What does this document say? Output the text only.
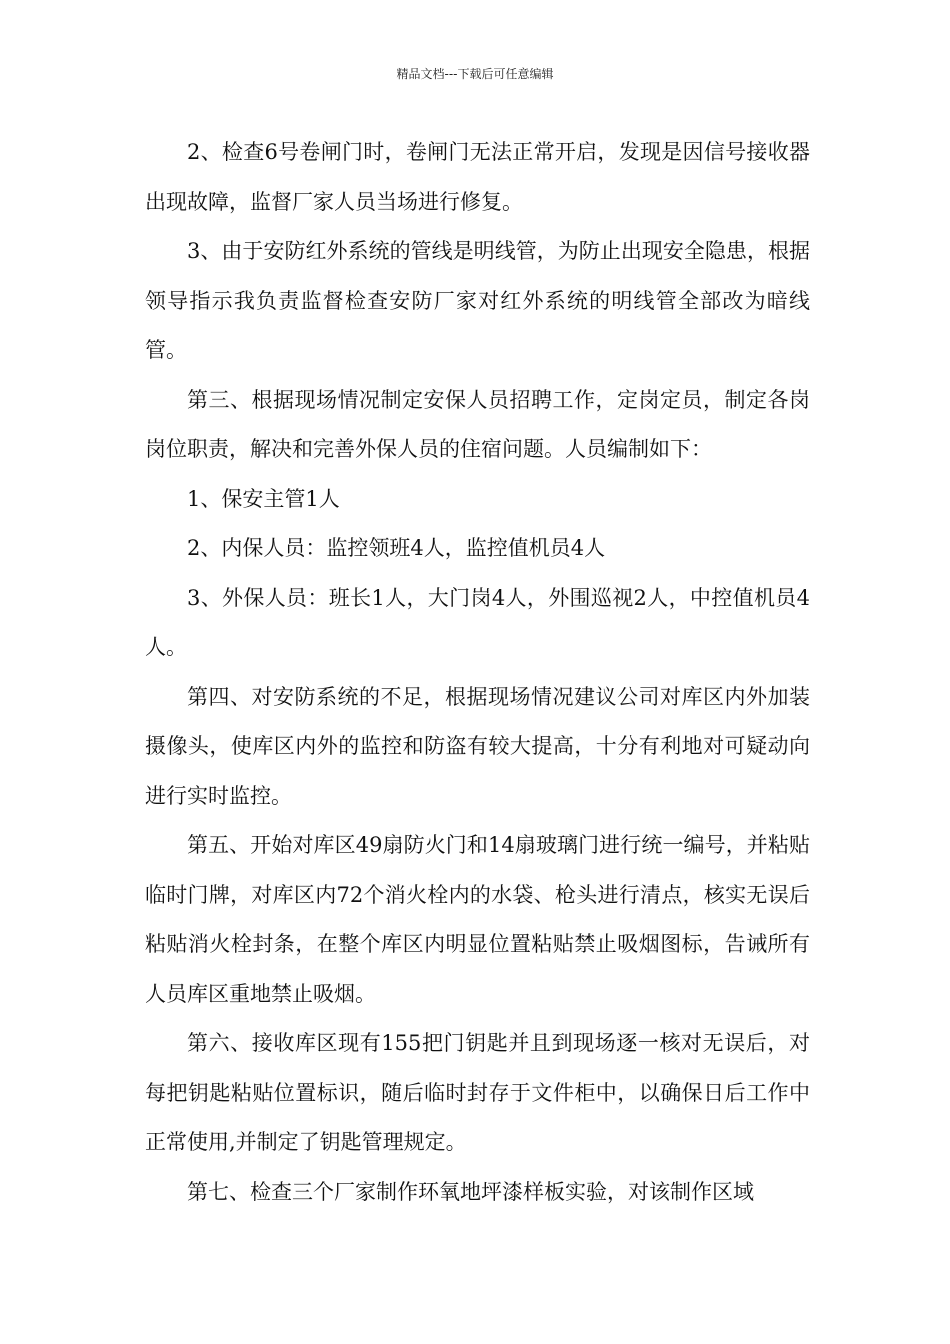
精品文档---下载后可任意编辑

2、检查6号卷闸门时，卷闸门无法正常开启，发现是因信号接收器出现故障，监督厂家人员当场进行修复。

3、由于安防红外系统的管线是明线管，为防止出现安全隐患，根据领导指示我负责监督检查安防厂家对红外系统的明线管全部改为暗线管。

第三、根据现场情况制定安保人员招聘工作，定岗定员，制定各岗岗位职责，解决和完善外保人员的住宿问题。人员编制如下：

1、保安主管1人

2、内保人员：监控领班4人，监控值机员4人

3、外保人员：班长1人，大门岗4人，外围巡视2人，中控值机员4人。

第四、对安防系统的不足，根据现场情况建议公司对库区内外加装摄像头，使库区内外的监控和防盗有较大提高，十分有利地对可疑动向进行实时监控。

第五、开始对库区49扇防火门和14扇玻璃门进行统一编号，并粘贴临时门牌，对库区内72个消火栓内的水袋、枪头进行清点，核实无误后粘贴消火栓封条，在整个库区内明显位置粘贴禁止吸烟图标，告诫所有人员库区重地禁止吸烟。

第六、接收库区现有155把门钥匙并且到现场逐一核对无误后，对每把钥匙粘贴位置标识，随后临时封存于文件柜中，以确保日后工作中正常使用,并制定了钥匙管理规定。

第七、检查三个厂家制作环氧地坪漆样板实验，对该制作区域
